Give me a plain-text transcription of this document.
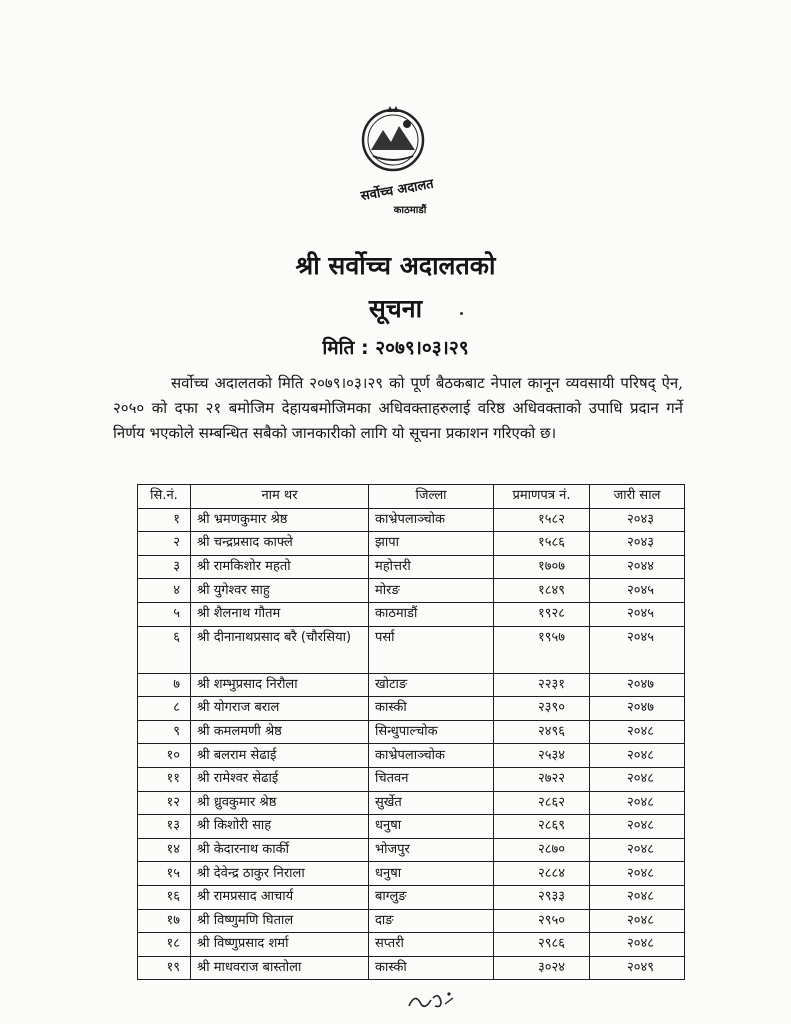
सर्वोच्च अदालत
काठमाडौं
श्री सर्वोच्च अदालतको
सूचना
मिति : २०७९।०३।२९
सर्वोच्च अदालतको मिति २०७९।०३।२९ को पूर्ण बैठकबाट नेपाल कानून व्यवसायी परिषद् ऐन, २०५० को दफा २१ बमोजिम देहायबमोजिमका अधिवक्ताहरुलाई वरिष्ठ अधिवक्ताको उपाधि प्रदान गर्ने निर्णय भएकोले सम्बन्धित सबैको जानकारीको लागि यो सूचना प्रकाशन गरिएको छ।
सि.नं.	नाम थर	जिल्ला	प्रमाणपत्र नं.	जारी साल
१	श्री भ्रमणकुमार श्रेष्ठ	काभ्रेपलाञ्चोक	१५८२	२०४३
२	श्री चन्द्रप्रसाद काफ्ले	झापा	१५८६	२०४३
३	श्री रामकिशोर महतो	महोत्तरी	१७०७	२०४४
४	श्री युगेश्वर साहु	मोरङ	१८४९	२०४५
५	श्री शैलनाथ गौतम	काठमाडौं	१९२८	२०४५
६	श्री दीनानाथप्रसाद बरै (चौरसिया)	पर्सा	१९५७	२०४५
७	श्री शम्भुप्रसाद निरौला	खोटाङ	२२३१	२०४७
८	श्री योगराज बराल	कास्की	२३९०	२०४७
९	श्री कमलमणी श्रेष्ठ	सिन्धुपाल्चोक	२४९६	२०४८
१०	श्री बलराम सेढाई	काभ्रेपलाञ्चोक	२५३४	२०४८
११	श्री रामेश्वर सेढाई	चितवन	२७२२	२०४८
१२	श्री ध्रुवकुमार श्रेष्ठ	सुर्खेत	२८६२	२०४८
१३	श्री किशोरी साह	धनुषा	२८६९	२०४८
१४	श्री केदारनाथ कार्की	भोजपुर	२८७०	२०४८
१५	श्री देवेन्द्र ठाकुर निराला	धनुषा	२८८४	२०४८
१६	श्री रामप्रसाद आचार्य	बाग्लुङ	२९३३	२०४८
१७	श्री विष्णुमणि घिताल	दाङ	२९५०	२०४८
१८	श्री विष्णुप्रसाद शर्मा	सप्तरी	२९८६	२०४८
१९	श्री माधवराज बास्तोला	कास्की	३०२४	२०४९
